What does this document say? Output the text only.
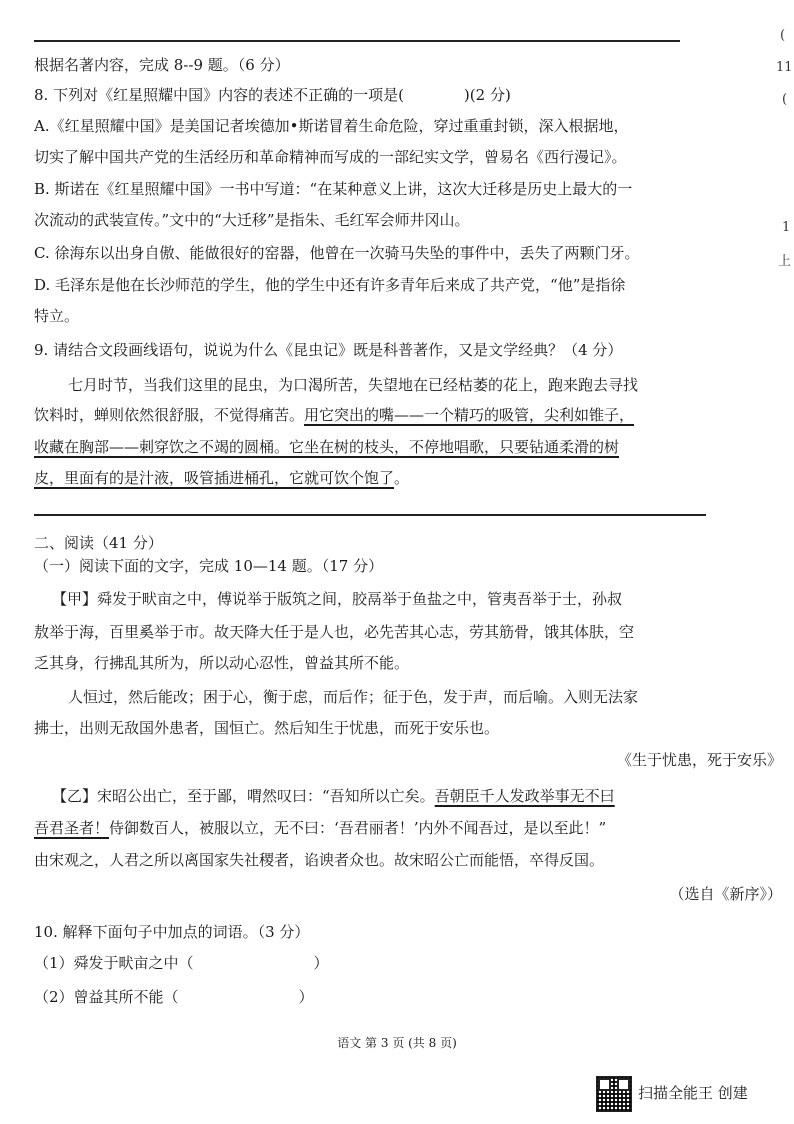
根据名著内容，完成 8--9 题。（6 分）
8. 下列对《红星照耀中国》内容的表述不正确的一项是(　　　　)(2 分)
A.《红星照耀中国》是美国记者埃德加•斯诺冒着生命危险，穿过重重封锁，深入根据地，
切实了解中国共产党的生活经历和革命精神而写成的一部纪实文学，曾易名《西行漫记》。
B. 斯诺在《红星照耀中国》一书中写道：“在某种意义上讲，这次大迁移是历史上最大的一
次流动的武装宣传。”文中的“大迁移”是指朱、毛红军会师井冈山。
C. 徐海东以出身自傲、能做很好的窑器，他曾在一次骑马失坠的事件中，丢失了两颗门牙。
D. 毛泽东是他在长沙师范的学生，他的学生中还有许多青年后来成了共产党，“他”是指徐
特立。
9. 请结合文段画线语句，说说为什么《昆虫记》既是科普著作，又是文学经典？（4 分）
七月时节，当我们这里的昆虫，为口渴所苦，失望地在已经枯萎的花上，跑来跑去寻找
饮料时，蝉则依然很舒服，不觉得痛苦。用它突出的嘴——一个精巧的吸管，尖利如锥子，
收藏在胸部——刺穿饮之不竭的圆桶。它坐在树的枝头，不停地唱歌，只要钻通柔滑的树
皮，里面有的是汁液，吸管插进桶孔，它就可饮个饱了。
二、阅读（41 分）
（一）阅读下面的文字，完成 10—14 题。（17 分）
【甲】舜发于畎亩之中，傅说举于版筑之间，胶鬲举于鱼盐之中，管夷吾举于士，孙叔
敖举于海，百里奚举于市。故天降大任于是人也，必先苦其心志，劳其筋骨，饿其体肤，空
乏其身，行拂乱其所为，所以动心忍性，曾益其所不能。
人恒过，然后能改；困于心，衡于虑，而后作；征于色，发于声，而后喻。入则无法家
拂士，出则无敌国外患者，国恒亡。然后知生于忧患，而死于安乐也。
《生于忧患，死于安乐》
【乙】宋昭公出亡，至于鄙，喟然叹曰：“吾知所以亡矣。吾朝臣千人发政举事无不曰
吾君圣者！侍御数百人，被服以立，无不曰：‘吾君丽者！’内外不闻吾过，是以至此！”
由宋观之，人君之所以离国家失社稷者，谄谀者众也。故宋昭公亡而能悟，卒得反国。
（选自《新序》）
10. 解释下面句子中加点的词语。（3 分）
（1）舜发于畎亩之中（　　　　　　　　）
（2）曾益其所不能（　　　　　　　　）
语文 第 3 页 (共 8 页)
(
11
(
1
上
扫描全能王 创建
